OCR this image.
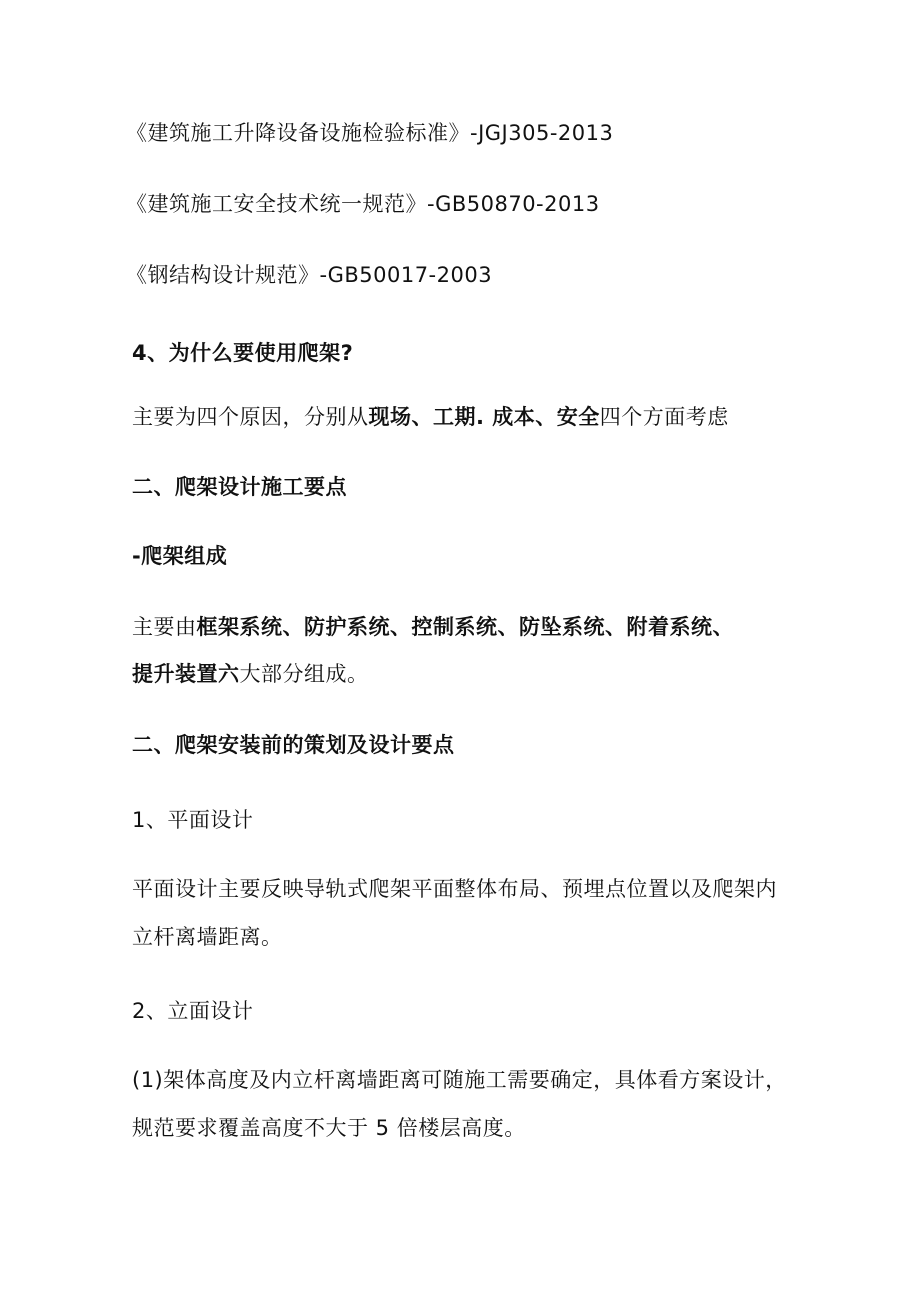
《建筑施工升降设备设施检验标准》-JGJ305-2013
《建筑施工安全技术统一规范》-GB50870-2013
《钢结构设计规范》-GB50017-2003
4、为什么要使用爬架?
主要为四个原因，分别从现场、工期. 成本、安全四个方面考虑
二、爬架设计施工要点
-爬架组成
主要由框架系统、防护系统、控制系统、防坠系统、附着系统、
提升装置六大部分组成。
二、爬架安装前的策划及设计要点
1、平面设计
平面设计主要反映导轨式爬架平面整体布局、预埋点位置以及爬架内
立杆离墙距离。
2、立面设计
(1)架体高度及内立杆离墙距离可随施工需要确定，具体看方案设计，
规范要求覆盖高度不大于 5 倍楼层高度。
